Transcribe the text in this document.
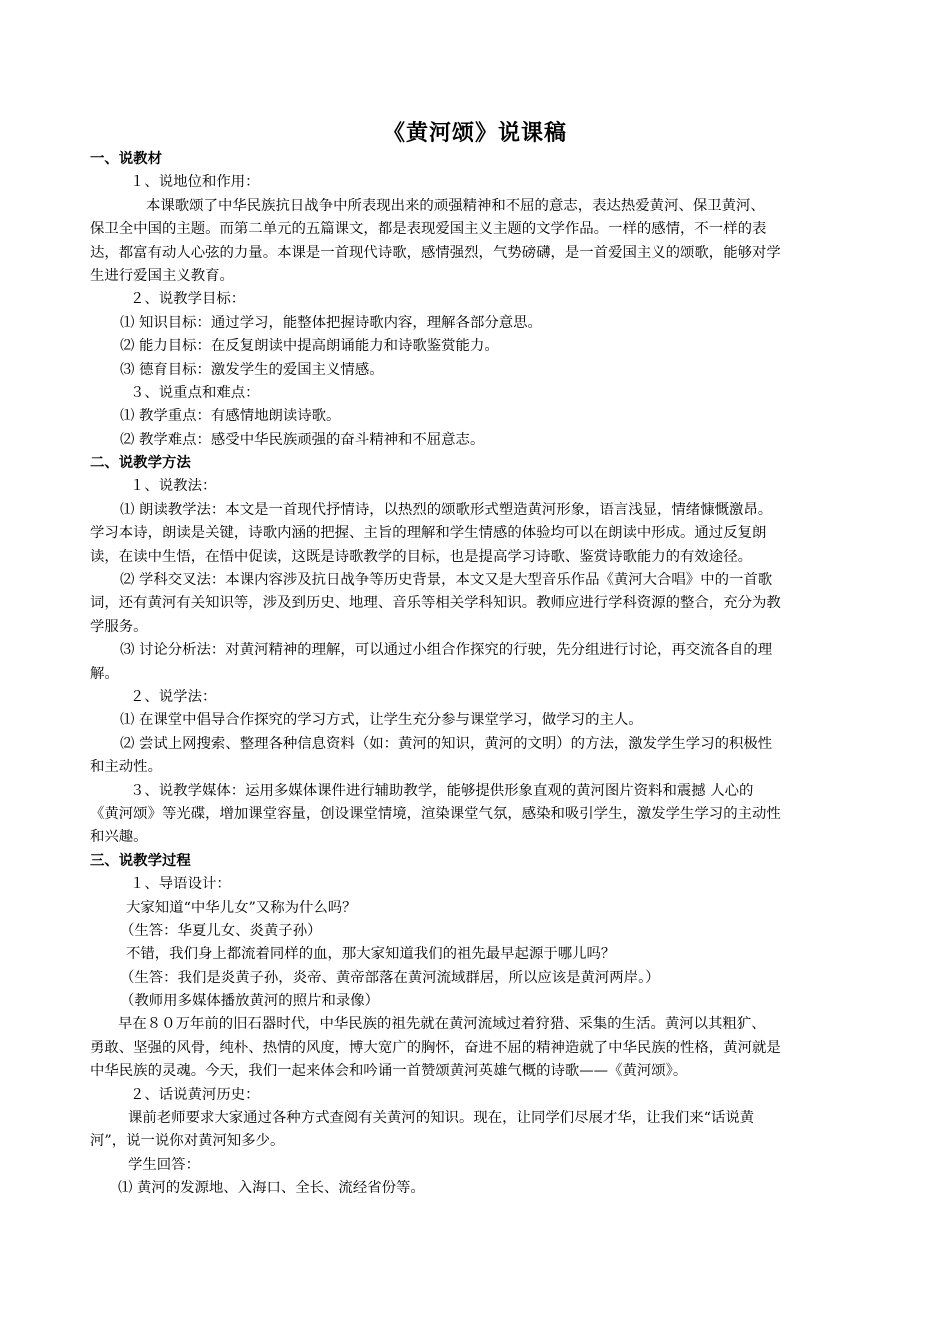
《黄河颂》说课稿
一、说教材
１、说地位和作用：
本课歌颂了中华民族抗日战争中所表现出来的顽强精神和不屈的意志，表达热爱黄河、保卫黄河、
保卫全中国的主题。而第二单元的五篇课文，都是表现爱国主义主题的文学作品。一样的感情，不一样的表
达，都富有动人心弦的力量。本课是一首现代诗歌，感情强烈，气势磅礴，是一首爱国主义的颂歌，能够对学
生进行爱国主义教育。
２、说教学目标：
⑴ 知识目标：通过学习，能整体把握诗歌内容，理解各部分意思。
⑵ 能力目标：在反复朗读中提高朗诵能力和诗歌鉴赏能力。
⑶ 德育目标：激发学生的爱国主义情感。
３、说重点和难点：
⑴ 教学重点：有感情地朗读诗歌。
⑵ 教学难点：感受中华民族顽强的奋斗精神和不屈意志。
二、说教学方法
１、说教法：
⑴ 朗读教学法：本文是一首现代抒情诗，以热烈的颂歌形式塑造黄河形象，语言浅显，情绪慷慨激昂。
学习本诗，朗读是关键，诗歌内涵的把握、主旨的理解和学生情感的体验均可以在朗读中形成。通过反复朗
读，在读中生悟，在悟中促读，这既是诗歌教学的目标，也是提高学习诗歌、鉴赏诗歌能力的有效途径。
⑵ 学科交叉法：本课内容涉及抗日战争等历史背景，本文又是大型音乐作品《黄河大合唱》中的一首歌
词，还有黄河有关知识等，涉及到历史、地理、音乐等相关学科知识。教师应进行学科资源的整合，充分为教
学服务。
⑶ 讨论分析法：对黄河精神的理解，可以通过小组合作探究的行驶，先分组进行讨论，再交流各自的理
解。
２、说学法：
⑴ 在课堂中倡导合作探究的学习方式，让学生充分参与课堂学习，做学习的主人。
⑵ 尝试上网搜索、整理各种信息资料（如：黄河的知识，黄河的文明）的方法，激发学生学习的积极性
和主动性。
３、说教学媒体：运用多媒体课件进行辅助教学，能够提供形象直观的黄河图片资料和震撼 人心的
《黄河颂》等光碟，增加课堂容量，创设课堂情境，渲染课堂气氛，感染和吸引学生，激发学生学习的主动性
和兴趣。
三、说教学过程
１、导语设计：
大家知道“中华儿女”又称为什么吗？
（生答：华夏儿女、炎黄子孙）
不错，我们身上都流着同样的血，那大家知道我们的祖先最早起源于哪儿吗？
（生答：我们是炎黄子孙，炎帝、黄帝部落在黄河流域群居，所以应该是黄河两岸。）
（教师用多媒体播放黄河的照片和录像）
早在８０万年前的旧石器时代，中华民族的祖先就在黄河流域过着狩猎、采集的生活。黄河以其粗犷、
勇敢、坚强的风骨，纯朴、热情的风度，博大宽广的胸怀，奋进不屈的精神造就了中华民族的性格，黄河就是
中华民族的灵魂。今天，我们一起来体会和吟诵一首赞颂黄河英雄气概的诗歌——《黄河颂》。
２、话说黄河历史：
课前老师要求大家通过各种方式查阅有关黄河的知识。现在，让同学们尽展才华，让我们来“话说黄
河”，说一说你对黄河知多少。
学生回答：
⑴ 黄河的发源地、入海口、全长、流经省份等。
